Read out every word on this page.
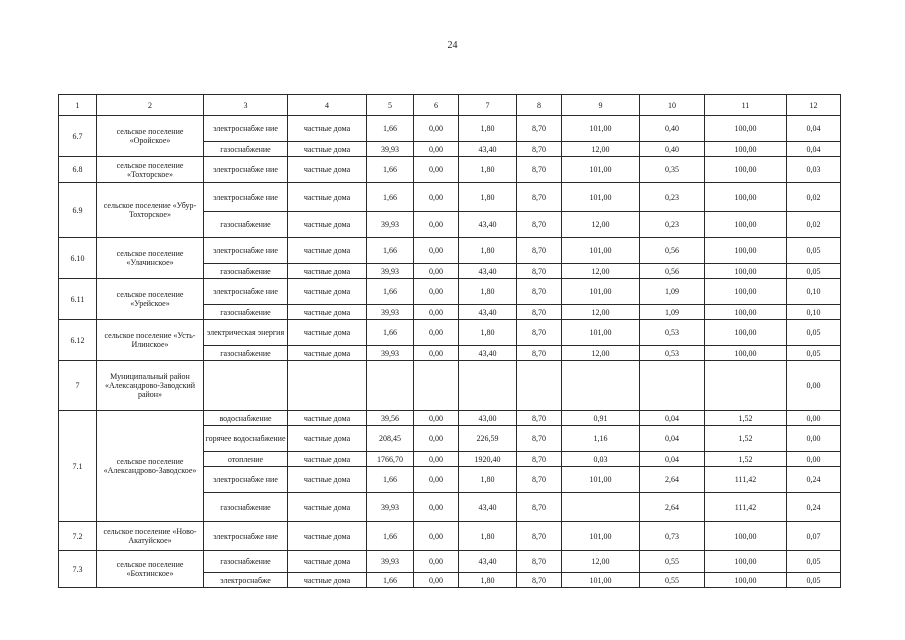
24
1	2	3	4	5	6	7	8	9	10	11	12
6.7	сельское поселение «Оройское»	электроснабже ние	частные дома	1,66	0,00	1,80	8,70	101,00	0,40	100,00	0,04
		газоснабжение	частные дома	39,93	0,00	43,40	8,70	12,00	0,40	100,00	0,04
6.8	сельское поселение «Тохторское»	электроснабже ние	частные дома	1,66	0,00	1,80	8,70	101,00	0,35	100,00	0,03
6.9	сельское поселение «Убур-Тохторское»	электроснабже ние	частные дома	1,66	0,00	1,80	8,70	101,00	0,23	100,00	0,02
		газоснабжение	частные дома	39,93	0,00	43,40	8,70	12,00	0,23	100,00	0,02
6.10	сельское поселение «Улачинское»	электроснабже ние	частные дома	1,66	0,00	1,80	8,70	101,00	0,56	100,00	0,05
		газоснабжение	частные дома	39,93	0,00	43,40	8,70	12,00	0,56	100,00	0,05
6.11	сельское поселение «Урейское»	электроснабже ние	частные дома	1,66	0,00	1,80	8,70	101,00	1,09	100,00	0,10
		газоснабжение	частные дома	39,93	0,00	43,40	8,70	12,00	1,09	100,00	0,10
6.12	сельское поселение «Усть-Илинское»	электрическая энергия	частные дома	1,66	0,00	1,80	8,70	101,00	0,53	100,00	0,05
		газоснабжение	частные дома	39,93	0,00	43,40	8,70	12,00	0,53	100,00	0,05
7	Муниципальный район «Александрово-Заводский район»										0,00
7.1	сельское поселение «Александрово-Заводское»	водоснабжение	частные дома	39,56	0,00	43,00	8,70	0,91	0,04	1,52	0,00
		горячее водоснабжение	частные дома	208,45	0,00	226,59	8,70	1,16	0,04	1,52	0,00
		отопление	частные дома	1766,70	0,00	1920,40	8,70	0,03	0,04	1,52	0,00
		электроснабже ние	частные дома	1,66	0,00	1,80	8,70	101,00	2,64	111,42	0,24
		газоснабжение	частные дома	39,93	0,00	43,40	8,70		2,64	111,42	0,24
7.2	сельское поселение «Ново-Акатуйское»	электроснабже ние	частные дома	1,66	0,00	1,80	8,70	101,00	0,73	100,00	0,07
7.3	сельское поселение «Бохтинское»	газоснабжение	частные дома	39,93	0,00	43,40	8,70	12,00	0,55	100,00	0,05
		электроснабже	частные дома	1,66	0,00	1,80	8,70	101,00	0,55	100,00	0,05
